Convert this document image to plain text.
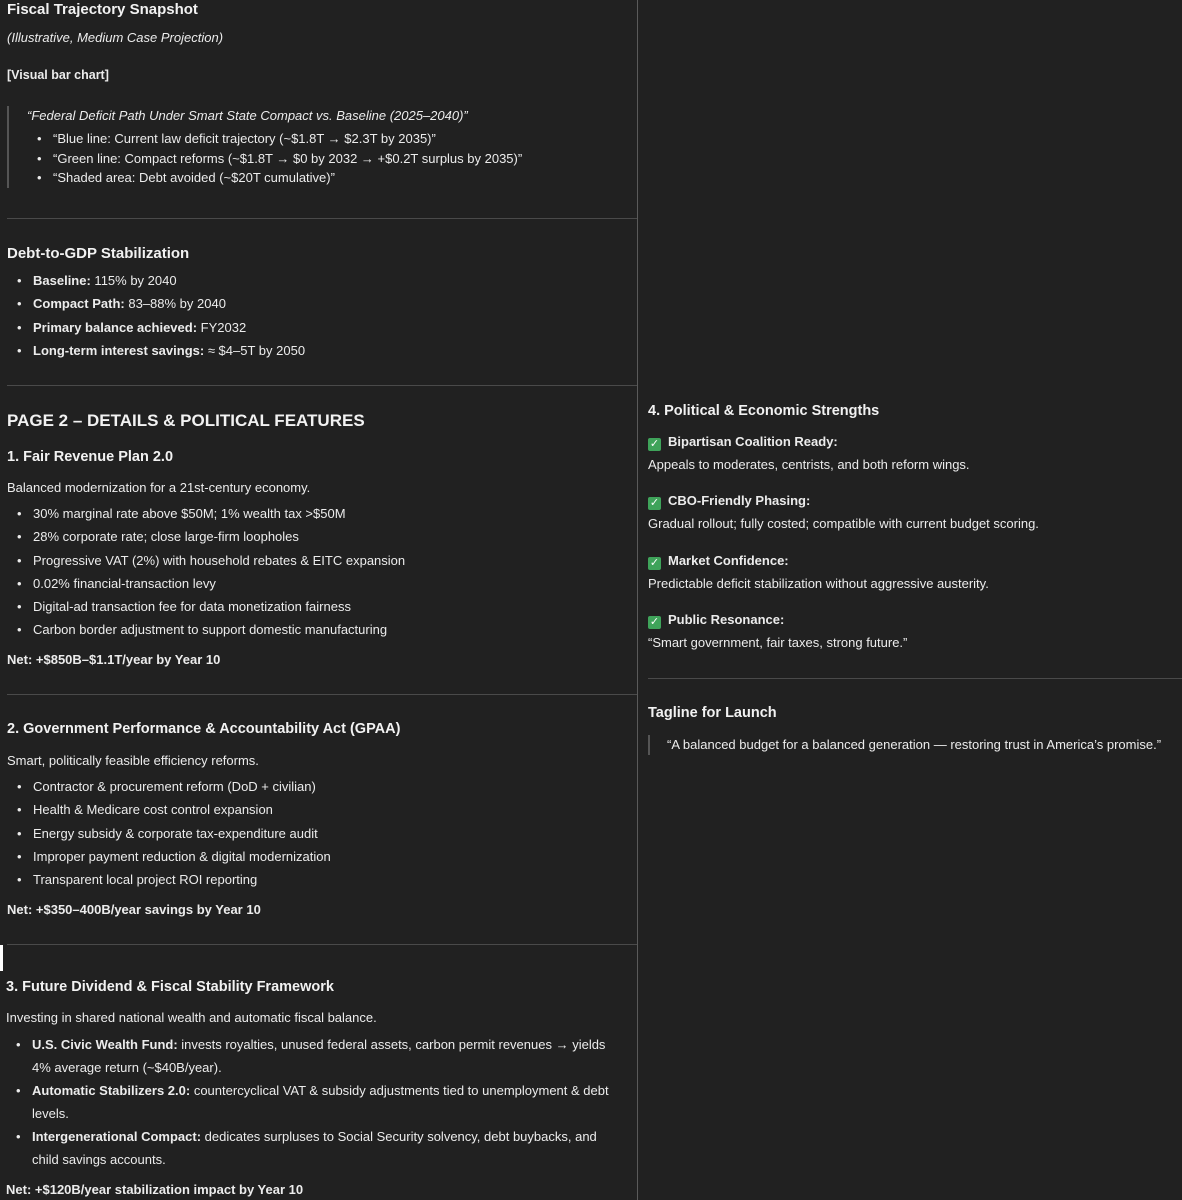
Fiscal Trajectory Snapshot

(Illustrative, Medium Case Projection)

[Visual bar chart]

“Federal Deficit Path Under Smart State Compact vs. Baseline (2025–2040)”

• “Blue line: Current law deficit trajectory (~$1.8T → $2.3T by 2035)”
• “Green line: Compact reforms (~$1.8T → $0 by 2032 → +$0.2T surplus by 2035)”
• “Shaded area: Debt avoided (~$20T cumulative)”
Debt-to-GDP Stabilization
• Baseline: 115% by 2040
• Compact Path: 83–88% by 2040
• Primary balance achieved: FY2032
• Long-term interest savings: ≈ $4–5T by 2050
PAGE 2 – DETAILS & POLITICAL FEATURES
1. Fair Revenue Plan 2.0

Balanced modernization for a 21st-century economy.

• 30% marginal rate above $50M; 1% wealth tax >$50M
• 28% corporate rate; close large-firm loopholes
• Progressive VAT (2%) with household rebates & EITC expansion
• 0.02% financial-transaction levy
• Digital-ad transaction fee for data monetization fairness
• Carbon border adjustment to support domestic manufacturing

Net: +$850B–$1.1T/year by Year 10

2. Government Performance & Accountability Act (GPAA)

Smart, politically feasible efficiency reforms.

• Contractor & procurement reform (DoD + civilian)
• Health & Medicare cost control expansion
• Energy subsidy & corporate tax-expenditure audit
• Improper payment reduction & digital modernization
• Transparent local project ROI reporting

Net: +$350–400B/year savings by Year 10

3. Future Dividend & Fiscal Stability Framework

Investing in shared national wealth and automatic fiscal balance.

• U.S. Civic Wealth Fund: invests royalties, unused federal assets, carbon permit revenues → yields 4% average return (~$40B/year).
• Automatic Stabilizers 2.0: countercyclical VAT & subsidy adjustments tied to unemployment & debt levels.
• Intergenerational Compact: dedicates surpluses to Social Security solvency, debt buybacks, and child savings accounts.

Net: +$120B/year stabilization impact by Year 10

4. Political & Economic Strengths

✓ Bipartisan Coalition Ready:

Appeals to moderates, centrists, and both reform wings.

✓ CBO-Friendly Phasing:

Gradual rollout; fully costed; compatible with current budget scoring.

✓ Market Confidence:

Predictable deficit stabilization without aggressive austerity.

✓ Public Resonance:

“Smart government, fair taxes, strong future.”

Tagline for Launch

“A balanced budget for a balanced generation — restoring trust in America’s promise.”
